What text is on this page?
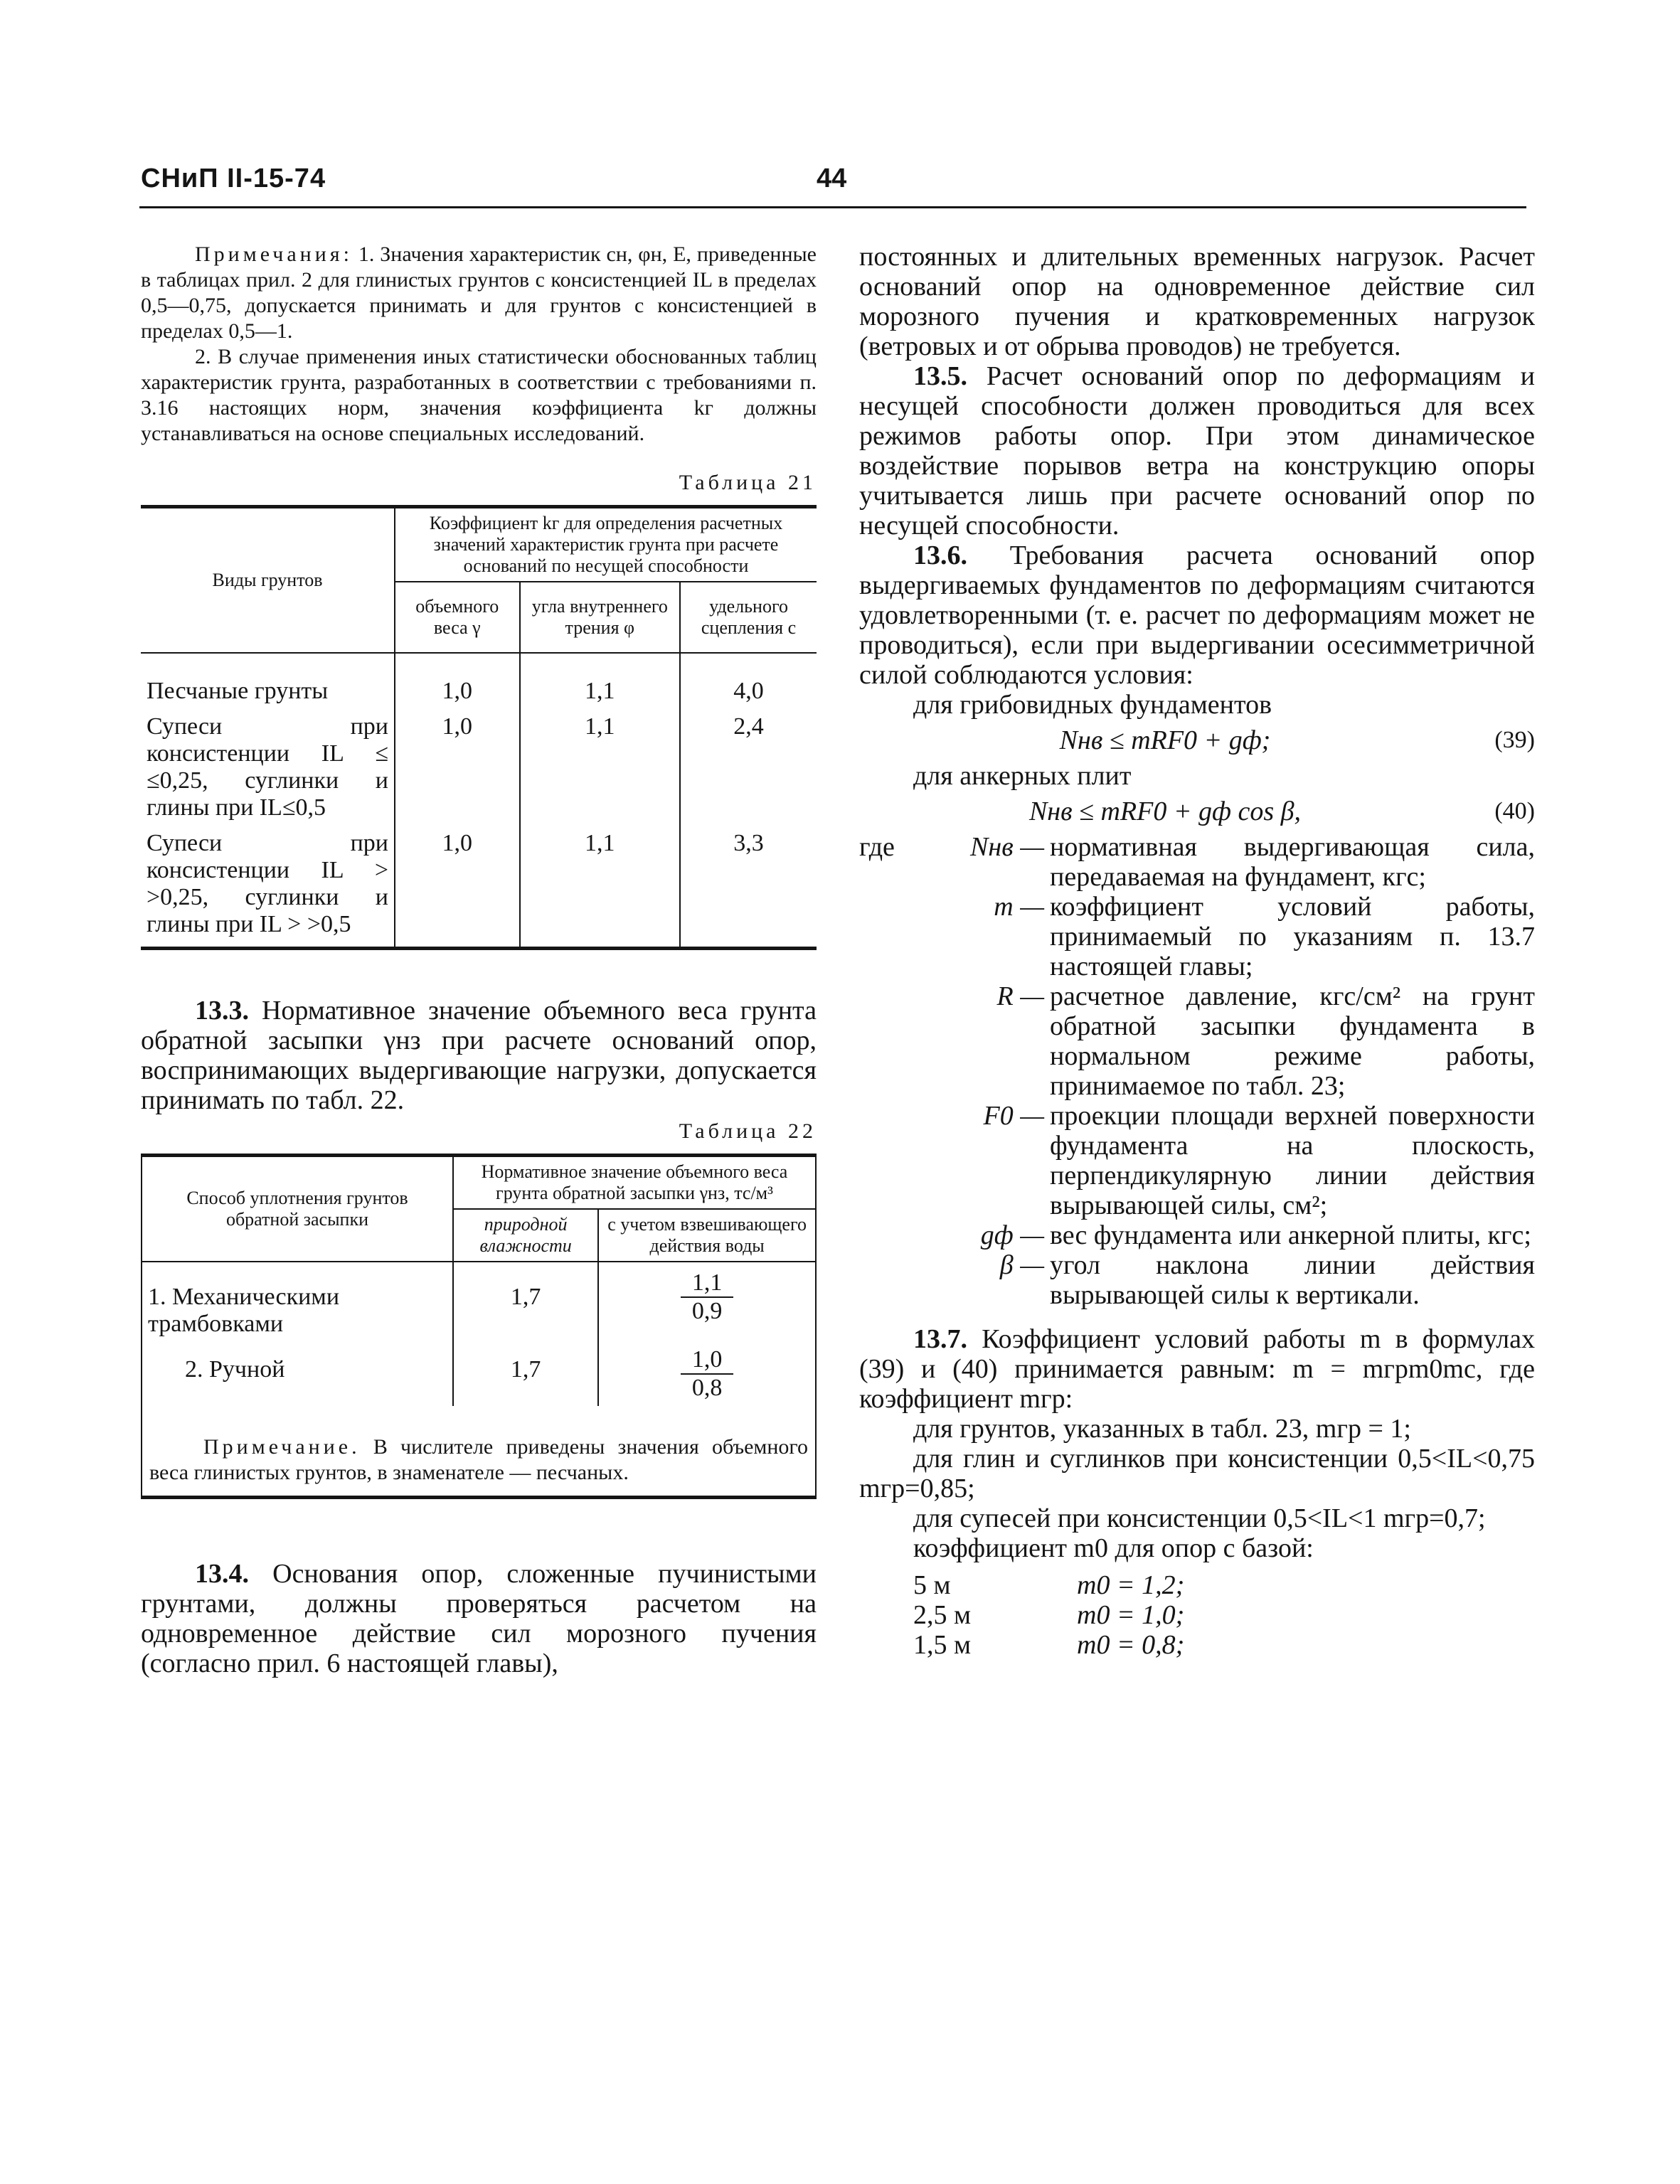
СНиП II-15-74	44

Примечания: 1. Значения характеристик cн, φн, E, приведенные в таблицах прил. 2 для глинистых грунтов с консистенцией IL в пределах 0,5—0,75, допускается принимать и для грунтов с консистенцией в пределах 0,5—1.

2. В случае применения иных статистически обоснованных таблиц характеристик грунта, разработанных в соответствии с требованиями п. 3.16 настоящих норм, значения коэффициента kг должны устанавливаться на основе специальных исследований.

Таблица 21
Виды грунтов	Коэффициент kг для определения расчетных значений характеристик грунта при расчете оснований по несущей способности		
	объемного веса γ	угла внутреннего трения φ	удельного сцепления c
Песчаные грунты	1,0	1,1	4,0
Супеси при консистенции IL ≤ ≤0,25, суглинки и глины при IL≤0,5	1,0	1,1	2,4
Супеси при консистенции IL > >0,25, суглинки и глины при IL > >0,5	1,0	1,1	3,3

13.3. Нормативное значение объемного веса грунта обратной засыпки γнз при расчете оснований опор, воспринимающих выдергивающие нагрузки, допускается принимать по табл. 22.

Таблица 22
Способ уплотнения грунтов обратной засыпки	Нормативное значение объемного веса грунта обратной засыпки γнз, тс/м³	
	природной влажности	с учетом взвешивающего действия воды
1. Механическими трамбовками	1,7	$\frac{1,1}{0,9}$

2. Ручной	1,7	$\frac{1,0}{0,8}$

Примечание. В числителе приведены значения объемного веса глинистых грунтов, в знаменателе — песчаных.		

13.4. Основания опор, сложенные пучинистыми грунтами, должны проверяться расчетом на одновременное действие сил морозного пучения (согласно прил. 6 настоящей главы),

постоянных и длительных временных нагрузок. Расчет оснований опор на одновременное действие сил морозного пучения и кратковременных нагрузок (ветровых и от обрыва проводов) не требуется.

13.5. Расчет оснований опор по деформациям и несущей способности должен проводиться для всех режимов работы опор. При этом динамическое воздействие порывов ветра на конструкцию опоры учитывается лишь при расчете оснований опор по несущей способности.

13.6. Требования расчета оснований опор выдергиваемых фундаментов по деформациям считаются удовлетворенными (т. е. расчет по деформациям может не проводиться), если при выдергивании осесимметричной силой соблюдаются условия:

для грибовидных фундаментов

Nнв ≤ mRF0 + gф;	(39)

для анкерных плит

Nнв ≤ mRF0 + gф cos β,	(40)
где	Nнв — нормативная выдергивающая сила, передаваемая на фундамент, кгс;
m — коэффициент условий работы, принимаемый по указаниям п. 13.7 настоящей главы;
R — расчетное давление, кгс/см² на грунт обратной засыпки фундамента в нормальном режиме работы, принимаемое по табл. 23;
F0 — проекции площади верхней поверхности фундамента на плоскость, перпендикулярную линии действия вырывающей силы, см²;
gф — вес фундамента или анкерной плиты, кгс;
β — угол наклона линии действия вырывающей силы к вертикали.

13.7. Коэффициент условий работы m в формулах (39) и (40) принимается равным: m = mгрm0mс, где коэффициент mгр:

для грунтов, указанных в табл. 23, mгр = 1;

для глин и суглинков при консистенции 0,5<IL<0,75 mгр=0,85;

для супесей при консистенции 0,5<IL<1 mгр=0,7;

коэффициент m0 для опор с базой:

5 м	m0 = 1,2;
2,5 м	m0 = 1,0;
1,5 м	m0 = 0,8;
